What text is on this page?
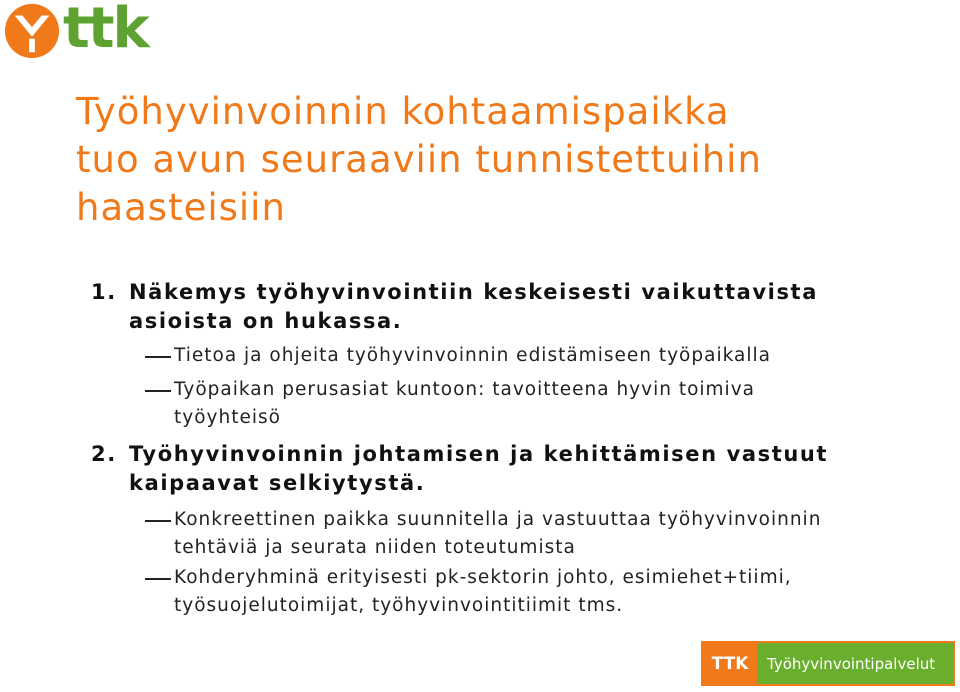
ttk
Työhyvinvoinnin kohtaamispaikka
tuo avun seuraaviin tunnistettuihin
haasteisiin
1. Näkemys työhyvinvointiin keskeisesti vaikuttavista
asioista on hukassa.
Tietoa ja ohjeita työhyvinvoinnin edistämiseen työpaikalla
Työpaikan perusasiat kuntoon: tavoitteena hyvin toimiva
työyhteisö
2. Työhyvinvoinnin johtamisen ja kehittämisen vastuut
kaipaavat selkiytystä.
Konkreettinen paikka suunnitella ja vastuuttaa työhyvinvoinnin
tehtäviä ja seurata niiden toteutumista
Kohderyhminä erityisesti pk-sektorin johto, esimiehet+tiimi,
työsuojelutoimijat, työhyvinvointitiimit tms.
TTK	Työhyvinvointipalvelut
